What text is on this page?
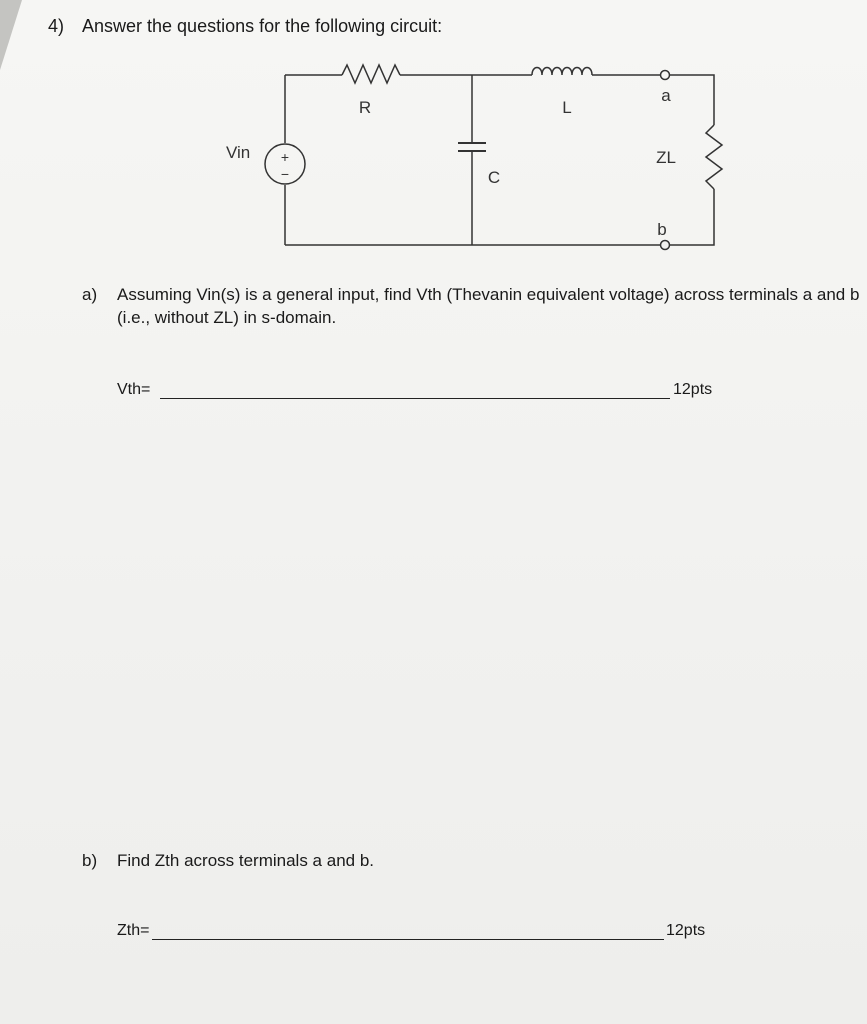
4) Answer the questions for the following circuit:
R	L
C
Vin	ZL
a
b
+
−
a) Assuming Vin(s) is a general input, find Vth (Thevanin equivalent voltage) across terminals a and b (i.e., without ZL) in s-domain.
Vth=	12pts
b) Find Zth across terminals a and b.
Zth=	12pts
